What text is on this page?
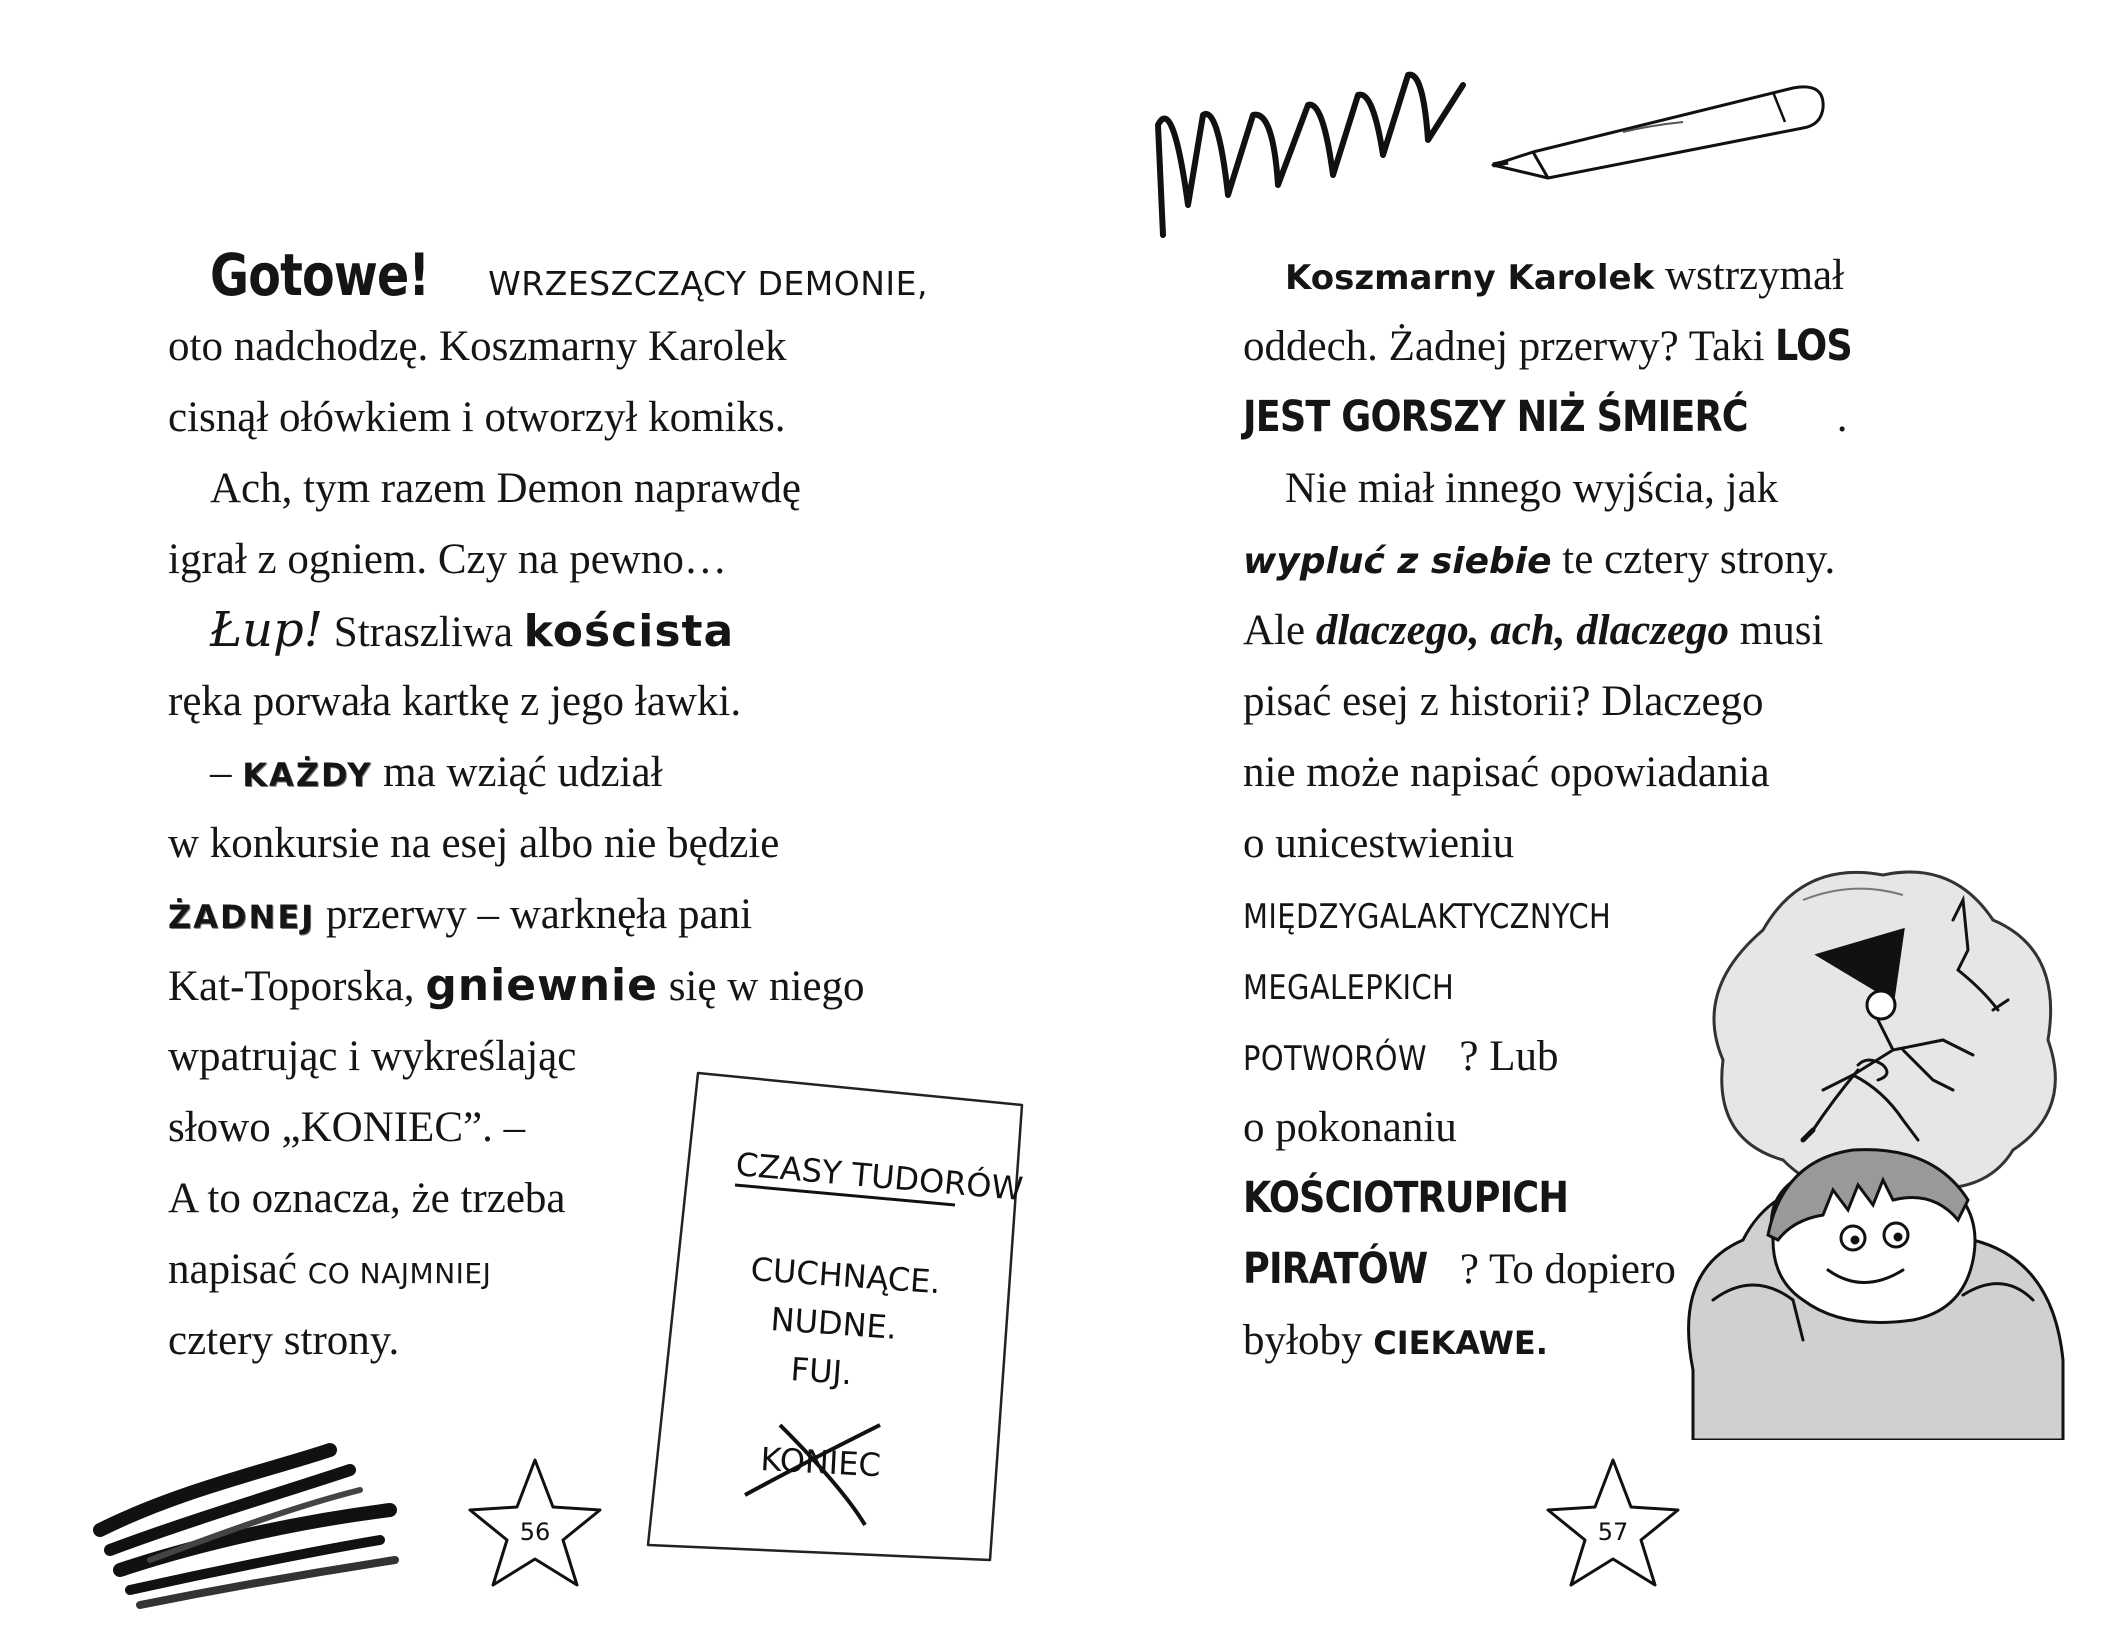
Gotowe! WRZESZCZĄCY DEMONIE,
oto nadchodzę. Koszmarny Karolek
cisnął ołówkiem i otworzył komiks.
Ach, tym razem Demon naprawdę
igrał z ogniem. Czy na pewno…
Łup! Straszliwa koścista
ręka porwała kartkę z jego ławki.
– KAŻDY ma wziąć udział
w konkursie na esej albo nie będzie
ŻADNEJ przerwy – warknęła pani
Kat-Toporska, gniewnie się w niego
wpatrując i wykreślając
słowo „KONIEC”. –
A to oznacza, że trzeba
napisać CO NAJMNIEJ
cztery strony.
56
CZASY TUDORÓW
CUCHNĄCE.
NUDNE.
FUJ.
KONIEC
Koszmarny Karolek wstrzymał
oddech. Żadnej przerwy? Taki LOS
JEST GORSZY NIŻ ŚMIERĆ .
Nie miał innego wyjścia, jak
wypluć z siebie te cztery strony.
Ale dlaczego, ach, dlaczego musi
pisać esej z historii? Dlaczego
nie może napisać opowiadania
o unicestwieniu
MIĘDZYGALAKTYCZNYCH
MEGALEPKICH
POTWORÓW ? Lub
o pokonaniu
KOŚCIOTRUPICH
PIRATÓW ? To dopiero
byłoby CIEKAWE.
57
